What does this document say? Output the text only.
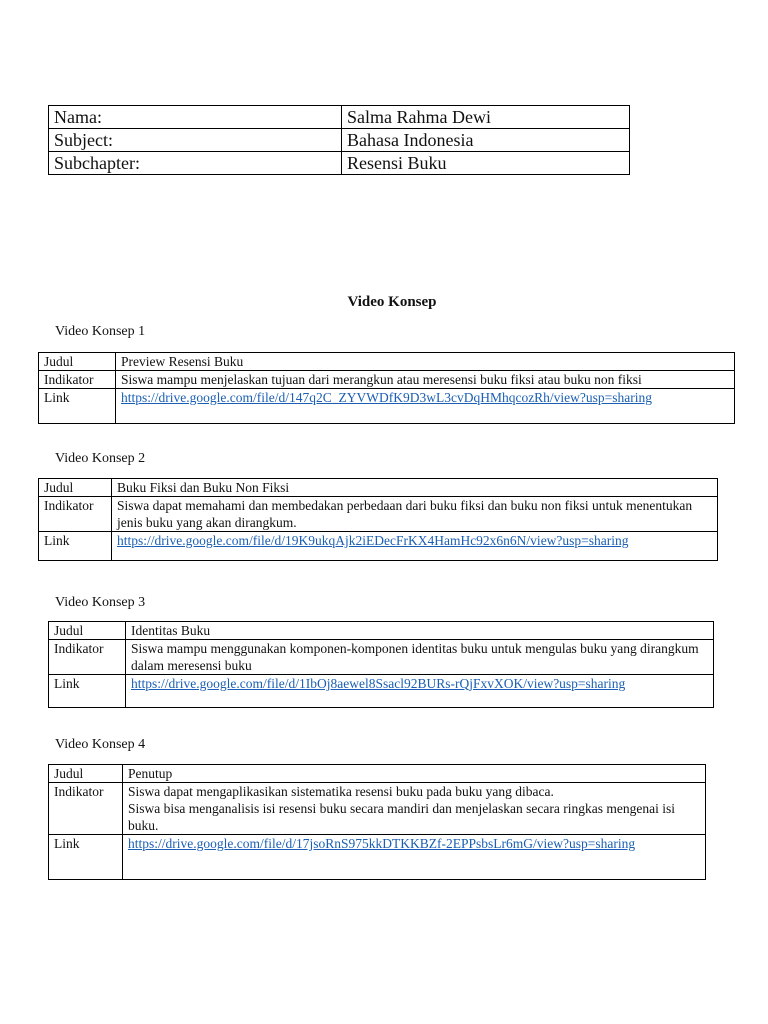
Nama:	Salma Rahma Dewi
Subject:	Bahasa Indonesia
Subchapter:	Resensi Buku
Video Konsep
Video Konsep 1
Judul	Preview Resensi Buku
Indikator	Siswa mampu menjelaskan tujuan dari merangkun atau meresensi buku fiksi atau buku non fiksi

Link	https://drive.google.com/file/d/147q2C_ZYVWDfK9D3wL3cvDqHMhqcozRh/view?usp=sharing
Video Konsep 2
Judul	Buku Fiksi dan Buku Non Fiksi
Indikator	Siswa dapat memahami dan membedakan perbedaan dari buku fiksi dan buku non fiksi untuk menentukan jenis buku yang akan dirangkum.

Link	https://drive.google.com/file/d/19K9ukqAjk2iEDecFrKX4HamHc92x6n6N/view?usp=sharing
Video Konsep 3
Judul	Identitas Buku
Indikator	Siswa mampu menggunakan komponen-komponen identitas buku untuk mengulas buku yang dirangkum dalam meresensi buku

Link	https://drive.google.com/file/d/1IbOj8aewel8Ssacl92BURs-rQjFxvXOK/view?usp=sharing
Video Konsep 4
Judul	Penutup
Indikator	Siswa dapat mengaplikasikan sistematika resensi buku pada buku yang dibaca.
Siswa bisa menganalisis isi resensi buku secara mandiri dan menjelaskan secara ringkas mengenai isi buku.

Link	https://drive.google.com/file/d/17jsoRnS975kkDTKKBZf-2EPPsbsLr6mG/view?usp=sharing
